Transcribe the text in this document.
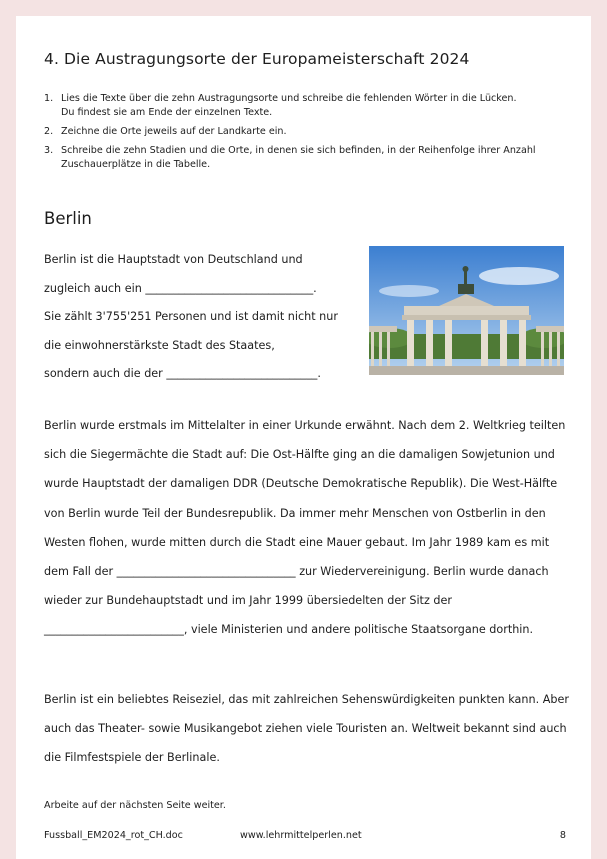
4. Die Austragungsorte der Europameisterschaft 2024
1. Lies die Texte über die zehn Austragungsorte und schreibe die fehlenden Wörter in die Lücken.
Du findest sie am Ende der einzelnen Texte.
2. Zeichne die Orte jeweils auf der Landkarte ein.
3. Schreibe die zehn Stadien und die Orte, in denen sie sich befinden, in der Reihenfolge ihrer Anzahl Zuschauerplätze in die Tabelle.
Berlin
Berlin ist die Hauptstadt von Deutschland und
zugleich auch ein ______________________________.
Sie zählt 3'755'251 Personen und ist damit nicht nur
die einwohnerstärkste Stadt des Staates,
sondern auch die der ___________________________.
Berlin wurde erstmals im Mittelalter in einer Urkunde erwähnt. Nach dem 2. Weltkrieg teilten sich die Siegermächte die Stadt auf: Die Ost-Hälfte ging an die damaligen Sowjetunion und wurde Hauptstadt der damaligen DDR (Deutsche Demokratische Republik). Die West-Hälfte von Berlin wurde Teil der Bundesrepublik. Da immer mehr Menschen von Ostberlin in den Westen flohen, wurde mitten durch die Stadt eine Mauer gebaut. Im Jahr 1989 kam es mit dem Fall der ________________________________ zur Wiedervereinigung. Berlin wurde danach wieder zur Bundehauptstadt und im Jahr 1999 übersiedelten der Sitz der _________________________, viele Ministerien und andere politische Staatsorgane dorthin.
Berlin ist ein beliebtes Reiseziel, das mit zahlreichen Sehenswürdigkeiten punkten kann. Aber auch das Theater- sowie Musikangebot ziehen viele Touristen an. Weltweit bekannt sind auch die Filmfestspiele der Berlinale.
Arbeite auf der nächsten Seite weiter.
Fussball_EM2024_rot_CH.doc	www.lehrmittelperlen.net	8
